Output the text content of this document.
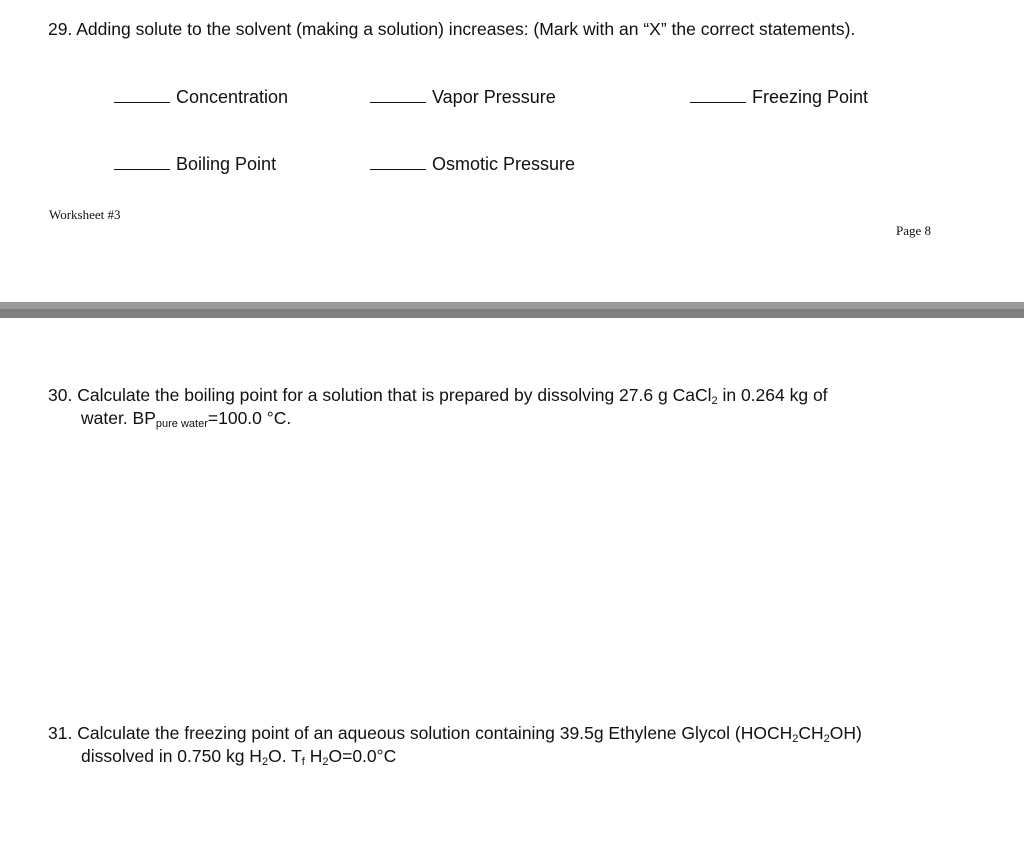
29. Adding solute to the solvent (making a solution) increases: (Mark with an “X” the correct statements).
Concentration	Vapor Pressure	Freezing Point
Boiling Point	Osmotic Pressure
Worksheet #3
Page 8
30. Calculate the boiling point for a solution that is prepared by dissolving 27.6 g CaCl$_2$ in 0.264 kg of
water. $BP_{pure water}=100.0$ °C.
31. Calculate the freezing point of an aqueous solution containing 39.5g Ethylene Glycol $(HOCH_2CH_2OH)$
dissolved in 0.750 kg $H_2O$. $T_f$ $H_2O=0.0^\circ C$
